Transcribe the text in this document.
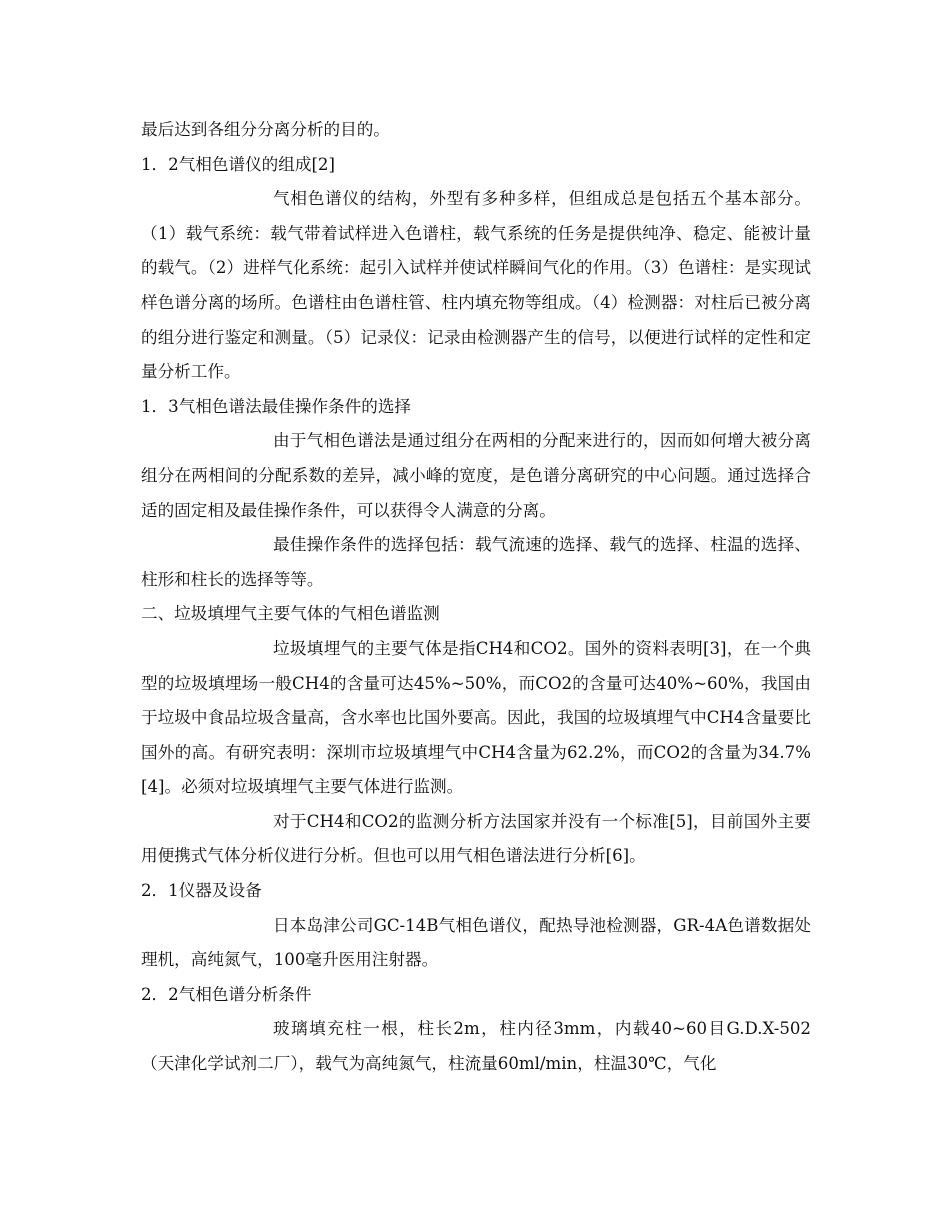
最后达到各组分分离分析的目的。

1．2气相色谱仪的组成[2]

气相色谱仪的结构，外型有多种多样，但组成总是包括五个基本部分。（1）载气系统：载气带着试样进入色谱柱，载气系统的任务是提供纯净、稳定、能被计量的载气。（2）进样气化系统：起引入试样并使试样瞬间气化的作用。（3）色谱柱：是实现试样色谱分离的场所。色谱柱由色谱柱管、柱内填充物等组成。（4）检测器：对柱后已被分离的组分进行鉴定和测量。（5）记录仪：记录由检测器产生的信号，以便进行试样的定性和定量分析工作。

1．3气相色谱法最佳操作条件的选择

由于气相色谱法是通过组分在两相的分配来进行的，因而如何增大被分离组分在两相间的分配系数的差异，减小峰的宽度，是色谱分离研究的中心问题。通过选择合适的固定相及最佳操作条件，可以获得令人满意的分离。

最佳操作条件的选择包括：载气流速的选择、载气的选择、柱温的选择、柱形和柱长的选择等等。

二、垃圾填埋气主要气体的气相色谱监测

垃圾填埋气的主要气体是指CH4和CO2。国外的资料表明[3]，在一个典型的垃圾填埋场一般CH4的含量可达45%~50%，而CO2的含量可达40%~60%，我国由于垃圾中食品垃圾含量高，含水率也比国外要高。因此，我国的垃圾填埋气中CH4含量要比国外的高。有研究表明：深圳市垃圾填埋气中CH4含量为62.2%，而CO2的含量为34.7%[4]。必须对垃圾填埋气主要气体进行监测。

对于CH4和CO2的监测分析方法国家并没有一个标准[5]，目前国外主要用便携式气体分析仪进行分析。但也可以用气相色谱法进行分析[6]。

2．1仪器及设备

日本岛津公司GC-14B气相色谱仪，配热导池检测器，GR-4A色谱数据处理机，高纯氮气，100毫升医用注射器。

2．2气相色谱分析条件

玻璃填充柱一根，柱长2m，柱内径3mm，内载40~60目G.D.X-502（天津化学试剂二厂），载气为高纯氮气，柱流量60ml/min，柱温30℃，气化
